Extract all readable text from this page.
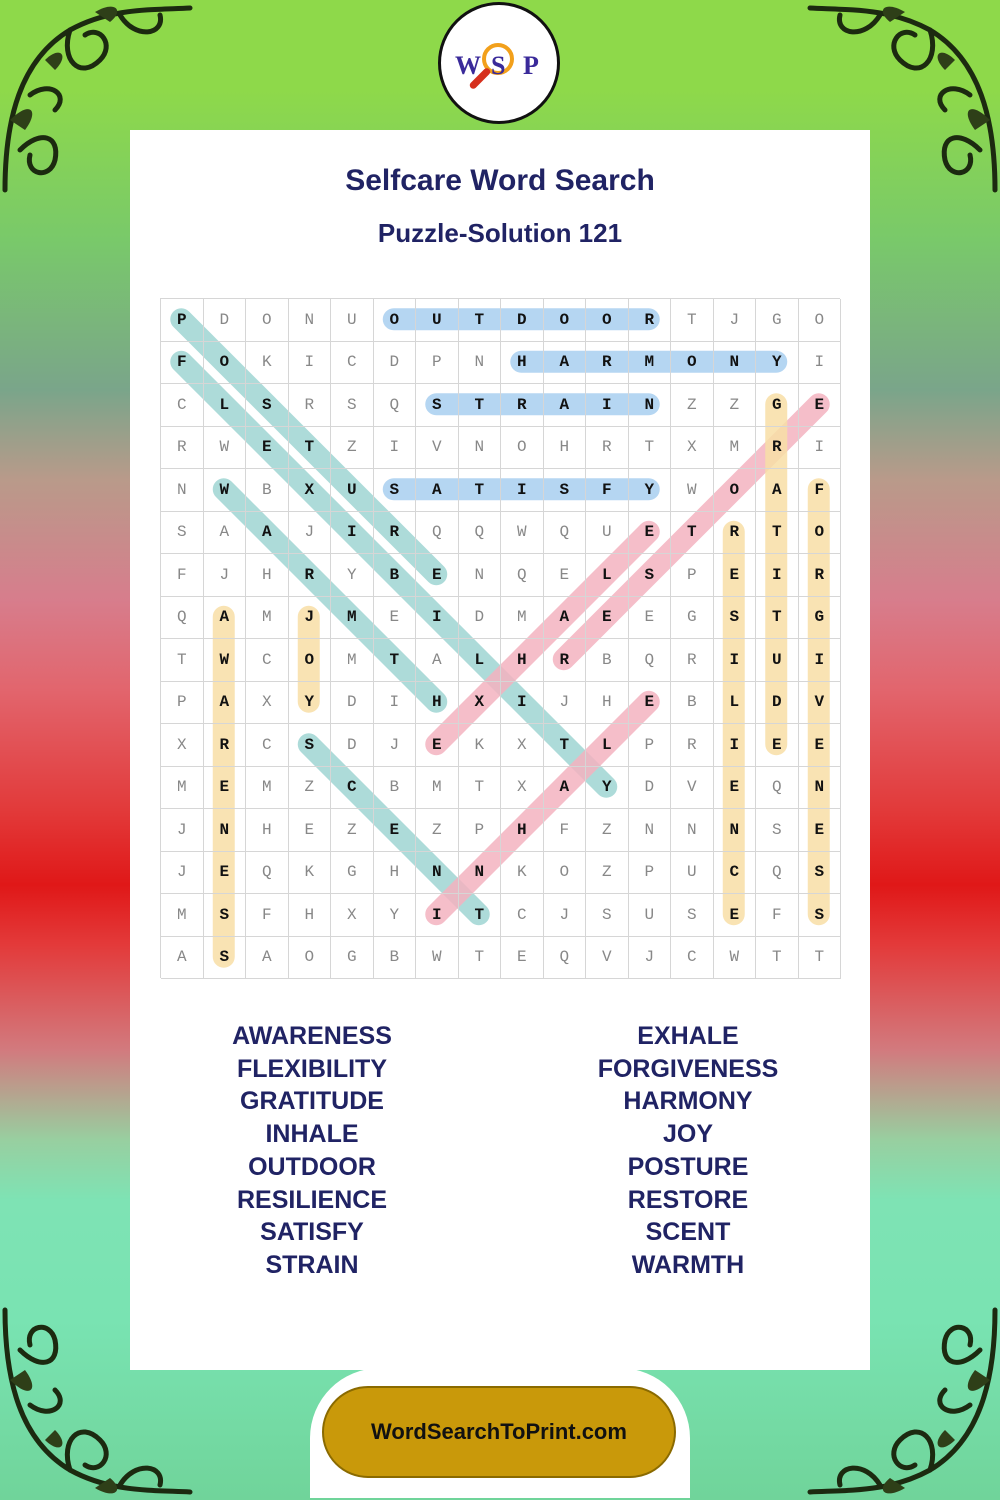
W S P
Selfcare Word Search
Puzzle-Solution 121
P	D	O	N	U	O	U	T	D	O	O	R	T	J	G	O
F	O	K	I	C	D	P	N	H	A	R	M	O	N	Y	I
C	L	S	R	S	Q	S	T	R	A	I	N	Z	Z	G	E
R	W	E	T	Z	I	V	N	O	H	R	T	X	M	R	I
N	W	B	X	U	S	A	T	I	S	F	Y	W	O	A	F
S	A	A	J	I	R	Q	Q	W	Q	U	E	T	R	T	O
F	J	H	R	Y	B	E	N	Q	E	L	S	P	E	I	R
Q	A	M	J	M	E	I	D	M	A	E	E	G	S	T	G
T	W	C	O	M	T	A	L	H	R	B	Q	R	I	U	I
P	A	X	Y	D	I	H	X	I	J	H	E	B	L	D	V
X	R	C	S	D	J	E	K	X	T	L	P	R	I	E	E
M	E	M	Z	C	B	M	T	X	A	Y	D	V	E	Q	N
J	N	H	E	Z	E	Z	P	H	F	Z	N	N	N	S	E
J	E	Q	K	G	H	N	N	K	O	Z	P	U	C	Q	S
M	S	F	H	X	Y	I	T	C	J	S	U	S	E	F	S
A	S	A	O	G	B	W	T	E	Q	V	J	C	W	T	T
AWARENESS
FLEXIBILITY
GRATITUDE
INHALE
OUTDOOR
RESILIENCE
SATISFY
STRAIN
EXHALE
FORGIVENESS
HARMONY
JOY
POSTURE
RESTORE
SCENT
WARMTH
WordSearchToPrint.com
